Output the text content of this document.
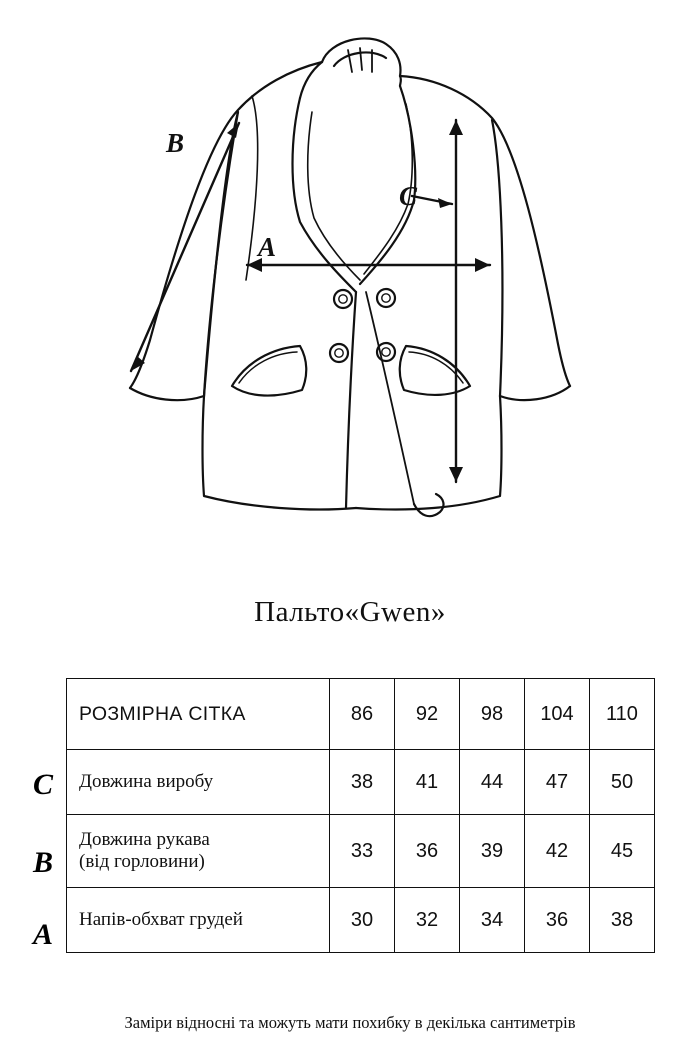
A
B
C
Пальто«Gwen»
C
B
A
РОЗМІРНА СІТКА	86	92	98	104	110
Довжина виробу	38	41	44	47	50
Довжина рукава
(від горловини)	33	36	39	42	45
Напів-обхват грудей	30	32	34	36	38
Заміри відносні та можуть мати похибку в декілька сантиметрів
